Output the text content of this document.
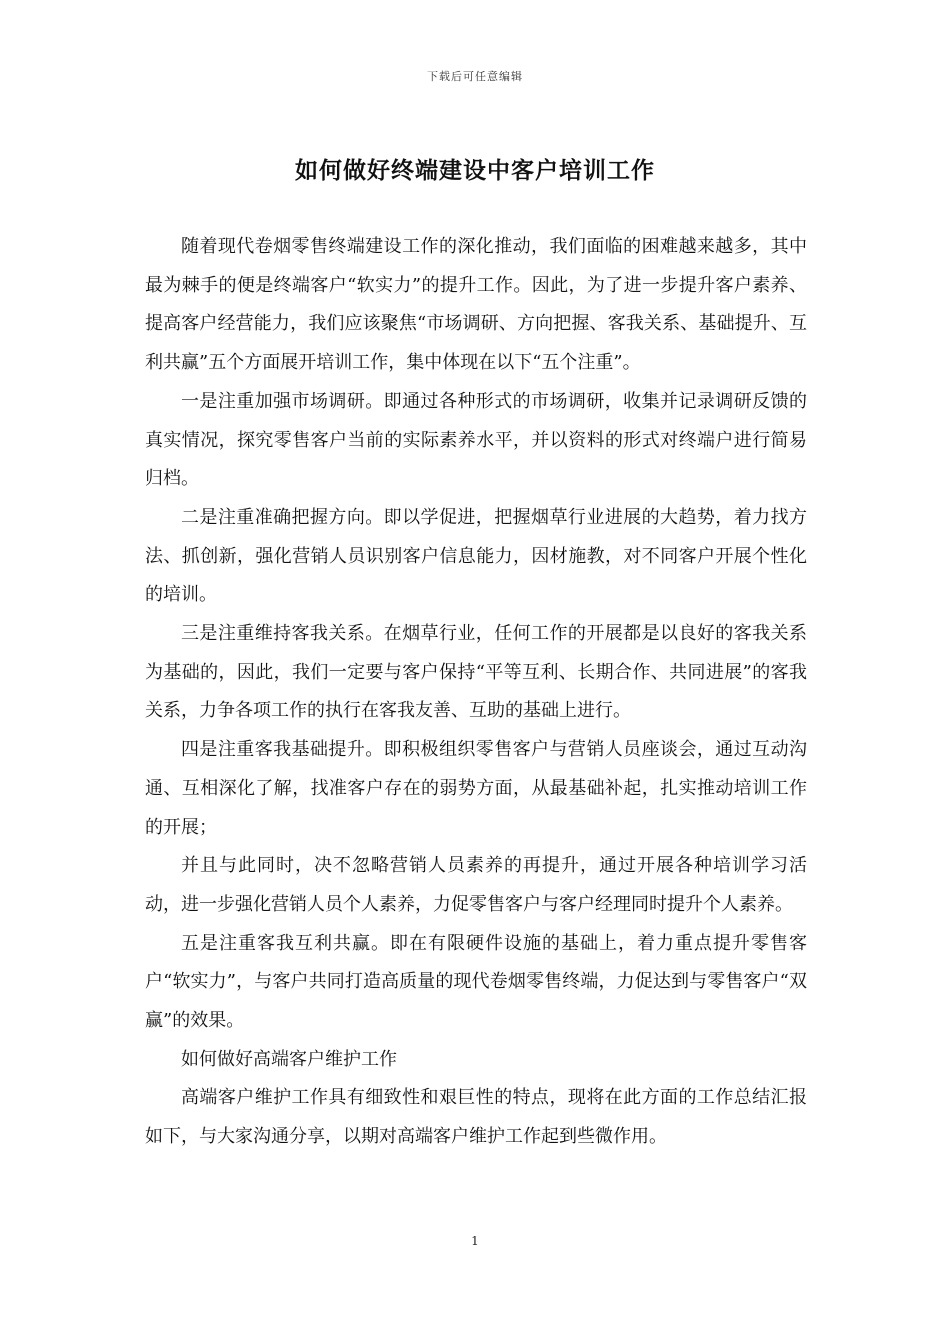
下载后可任意编辑
如何做好终端建设中客户培训工作

随着现代卷烟零售终端建设工作的深化推动，我们面临的困难越来越多，其中最为棘手的便是终端客户“软实力”的提升工作。因此，为了进一步提升客户素养、提高客户经营能力，我们应该聚焦“市场调研、方向把握、客我关系、基础提升、互利共赢”五个方面展开培训工作，集中体现在以下“五个注重”。

一是注重加强市场调研。即通过各种形式的市场调研，收集并记录调研反馈的真实情况，探究零售客户当前的实际素养水平，并以资料的形式对终端户进行简易归档。

二是注重准确把握方向。即以学促进，把握烟草行业进展的大趋势，着力找方法、抓创新，强化营销人员识别客户信息能力，因材施教，对不同客户开展个性化的培训。

三是注重维持客我关系。在烟草行业，任何工作的开展都是以良好的客我关系为基础的，因此，我们一定要与客户保持“平等互利、长期合作、共同进展”的客我关系，力争各项工作的执行在客我友善、互助的基础上进行。

四是注重客我基础提升。即积极组织零售客户与营销人员座谈会，通过互动沟通、互相深化了解，找准客户存在的弱势方面，从最基础补起，扎实推动培训工作的开展；

并且与此同时，决不忽略营销人员素养的再提升，通过开展各种培训学习活动，进一步强化营销人员个人素养，力促零售客户与客户经理同时提升个人素养。

五是注重客我互利共赢。即在有限硬件设施的基础上，着力重点提升零售客户“软实力”，与客户共同打造高质量的现代卷烟零售终端，力促达到与零售客户“双赢”的效果。

如何做好高端客户维护工作

高端客户维护工作具有细致性和艰巨性的特点，现将在此方面的工作总结汇报如下，与大家沟通分享，以期对高端客户维护工作起到些微作用。

1
